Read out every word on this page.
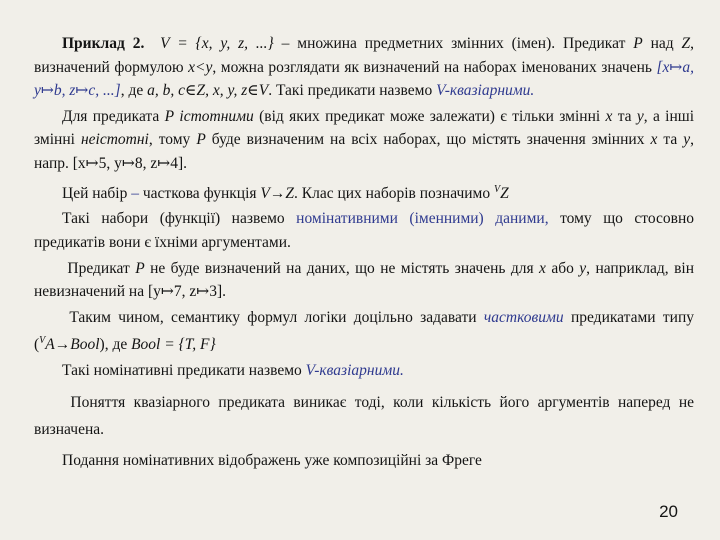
Приклад 2. V = {x, y, z, ...} – множина предметних змінних (імен). Предикат P над Z, визначений формулою x<y, можна розглядати як визначений на наборах іменованих значень [x↦a, y↦b, z↦c, ...], де a, b, c∈Z, x, y, z∈V. Такі предикати назвемо V-квазіарними.

Для предиката P істотними (від яких предикат може залежати) є тільки змінні x та y, а інші змінні неістотні, тому P буде визначеним на всіх наборах, що містять значення змінних x та y, напр. [x↦5, y↦8, z↦4].

Цей набір – часткова функція V→Z. Клас цих наборів позначимо $^V$Z

Такі набори (функції) назвемо номінативними (іменними) даними, тому що стосовно предикатів вони є їхніми аргументами.

Предикат P не буде визначений на даних, що не містять значень для x або y, наприклад, він невизначений на [y↦7, z↦3].

Таким чином, семантику формул логіки доцільно задавати частковими предикатами типу ($^V$A→Bool), де Bool = {T, F}

Такі номінативні предикати назвемо V-квазіарними.

Поняття квазіарного предиката виникає тоді, коли кількість його аргументів наперед не визначена.

Подання номінативних відображень уже композиційні за Фреге

20
